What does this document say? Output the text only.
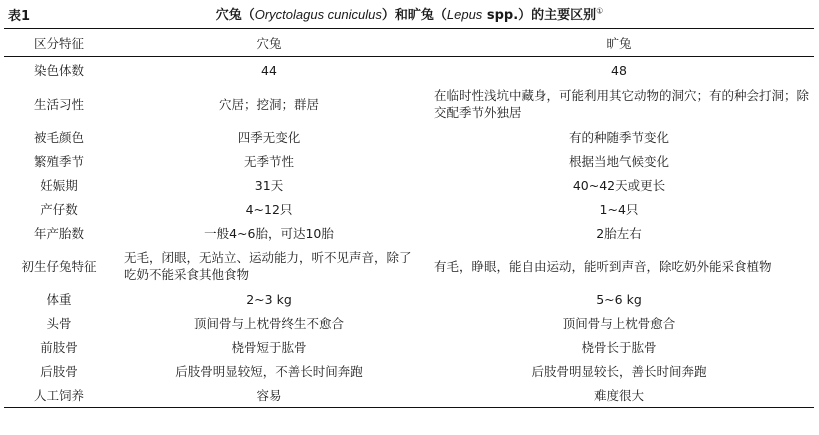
表1	穴兔（Oryctolagus cuniculus）和旷兔（Lepus spp.）的主要区别①
区分特征	穴兔	旷兔
染色体数	44	48
生活习性	穴居；挖洞；群居	在临时性浅坑中藏身，可能利用其它动物的洞穴；有的种会打洞；除交配季节外独居
被毛颜色	四季无变化	有的种随季节变化
繁殖季节	无季节性	根据当地气候变化
妊娠期	31天	40~42天或更长
产仔数	4~12只	1~4只
年产胎数	一般4~6胎，可达10胎	2胎左右
初生仔兔特征	无毛，闭眼，无站立、运动能力，听不见声音，除了吃奶不能采食其他食物	有毛，睁眼，能自由运动，能听到声音，除吃奶外能采食植物
体重	2~3 kg	5~6 kg
头骨	顶间骨与上枕骨终生不愈合	顶间骨与上枕骨愈合
前肢骨	桡骨短于肱骨	桡骨长于肱骨
后肢骨	后肢骨明显较短，不善长时间奔跑	后肢骨明显较长，善长时间奔跑
人工饲养	容易	难度很大
